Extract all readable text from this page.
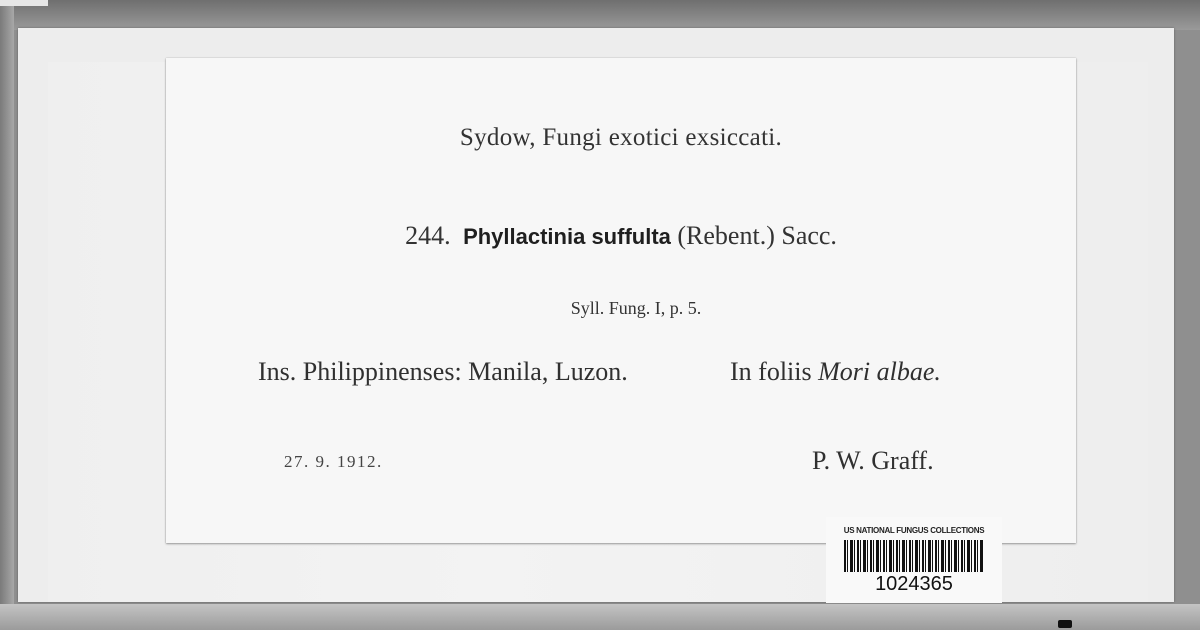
Sydow, Fungi exotici exsiccati.
244. Phyllactinia suffulta (Rebent.) Sacc.
Syll. Fung. I, p. 5.
Ins. Philippinenses: Manila, Luzon.	In foliis Mori albae.
27. 9. 1912.	P. W. Graff.
US NATIONAL FUNGUS COLLECTIONS
1024365
